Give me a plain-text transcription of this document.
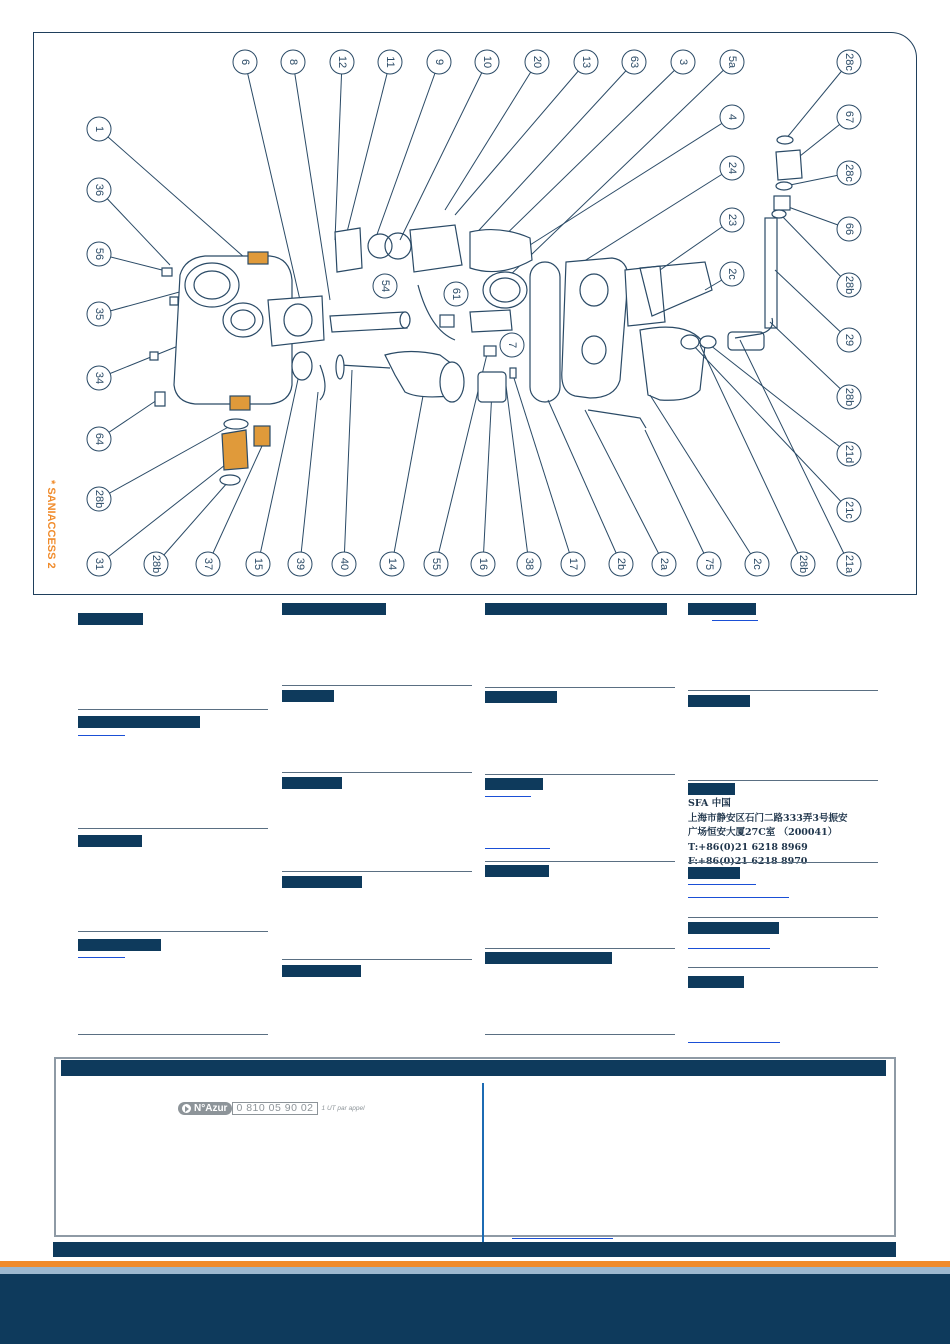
6	8	12	11	9	10	20	13	63	3	5a	28c
1
36
56
35
34
64
28b
4
24
23
2c
67
28c
66
28b
29
28b
21d
21c
31	28b	37	15	39	40	14	55	16	38	17	2b	2a	75	2c	28b	21a
54
61
7
* SANIACCESS 2
SFA 中国
上海市静安区石门二路333弄3号振安
广场恒安大厦27C室 （200041）
T:+86(0)21 6218 8969
N°Azur 0 810 05 90 02	1 UT par appel
